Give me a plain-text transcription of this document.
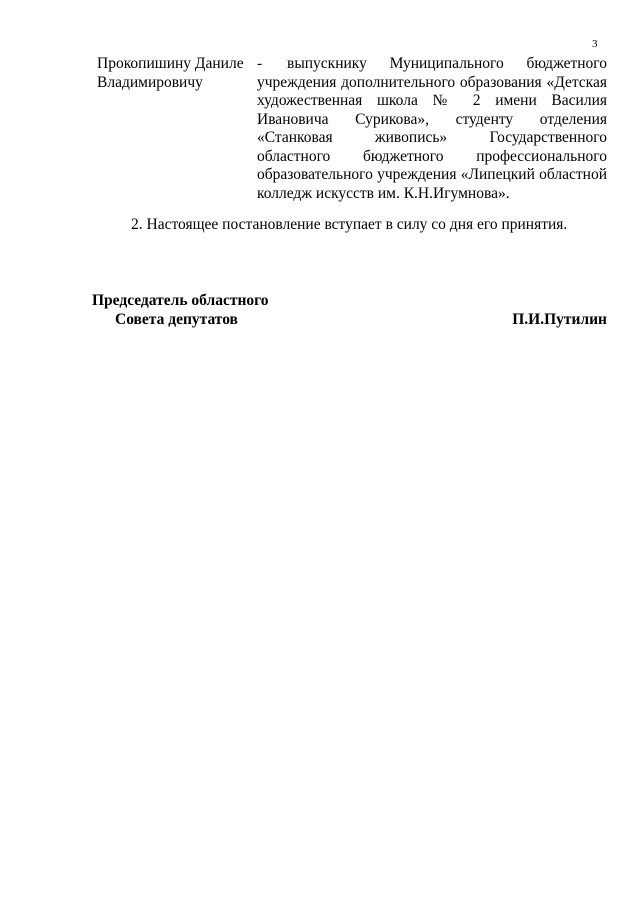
3
Прокопишину Даниле
Владимировичу
-	выпускнику Муниципального бюджетного учреждения дополнительного образования «Детская художественная школа № 2 имени Василия Ивановича Сурикова», студенту отделения «Станковая живопись» Государственного областного бюджетного профессионального образовательного учреждения «Липецкий областной колледж искусств им. К.Н.Игумнова».

2. Настоящее постановление вступает в силу со дня его принятия.
Председатель областного
Совета депутатов	П.И.Путилин
